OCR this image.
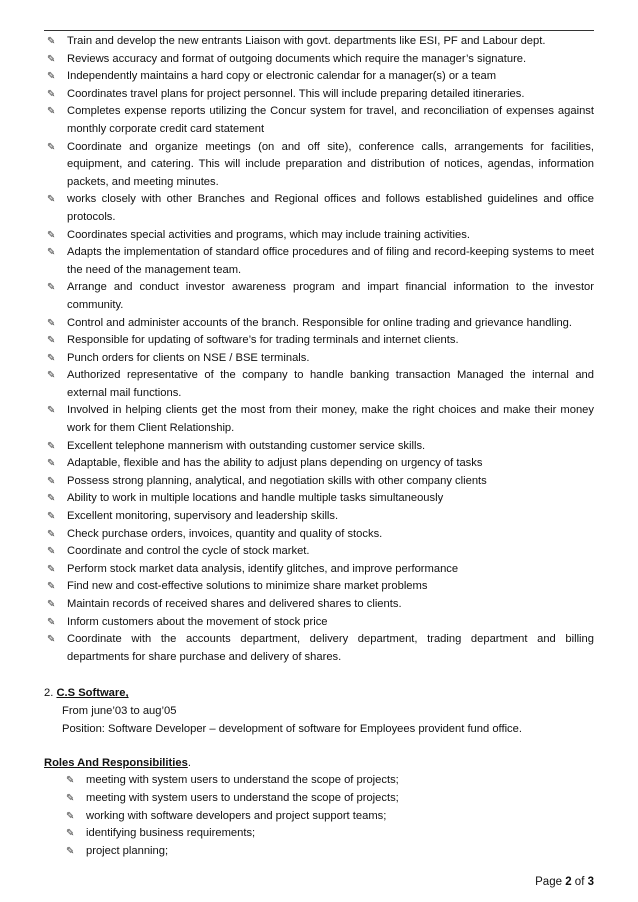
✎ Train and develop the new entrants Liaison with govt. departments like ESI, PF and Labour dept.
✎ Reviews accuracy and format of outgoing documents which require the manager’s signature.
✎ Independently maintains a hard copy or electronic calendar for a manager(s) or a team
✎ Coordinates travel plans for project personnel. This will include preparing detailed itineraries.
✎ Completes expense reports utilizing the Concur system for travel, and reconciliation of expenses against monthly corporate credit card statement
✎ Coordinate and organize meetings (on and off site), conference calls, arrangements for facilities, equipment, and catering. This will include preparation and distribution of notices, agendas, information packets, and meeting minutes.
✎ works closely with other Branches and Regional offices and follows established guidelines and office protocols.
✎ Coordinates special activities and programs, which may include training activities.
✎ Adapts the implementation of standard office procedures and of filing and record-keeping systems to meet the need of the management team.
✎ Arrange and conduct investor awareness program and impart financial information to the investor community.
✎ Control and administer accounts of the branch. Responsible for online trading and grievance handling.
✎ Responsible for updating of software’s for trading terminals and internet clients.
✎ Punch orders for clients on NSE / BSE terminals.
✎ Authorized representative of the company to handle banking transaction Managed the internal and external mail functions.
✎ Involved in helping clients get the most from their money, make the right choices and make their money work for them Client Relationship.
✎ Excellent telephone mannerism with outstanding customer service skills.
✎ Adaptable, flexible and has the ability to adjust plans depending on urgency of tasks
✎ Possess strong planning, analytical, and negotiation skills with other company clients
✎ Ability to work in multiple locations and handle multiple tasks simultaneously
✎ Excellent monitoring, supervisory and leadership skills.
✎ Check purchase orders, invoices, quantity and quality of stocks.
✎ Coordinate and control the cycle of stock market.
✎ Perform stock market data analysis, identify glitches, and improve performance
✎ Find new and cost-effective solutions to minimize share market problems
✎ Maintain records of received shares and delivered shares to clients.
✎ Inform customers about the movement of stock price
✎ Coordinate with the accounts department, delivery department, trading department and billing departments for share purchase and delivery of shares.
2. C.S Software,
From june’03 to aug’05
Position: Software Developer – development of software for Employees provident fund office.
Roles And Responsibilities.
✎ meeting with system users to understand the scope of projects;
✎ meeting with system users to understand the scope of projects;
✎ working with software developers and project support teams;
✎ identifying business requirements;
✎ project planning;
Page 2 of 3
